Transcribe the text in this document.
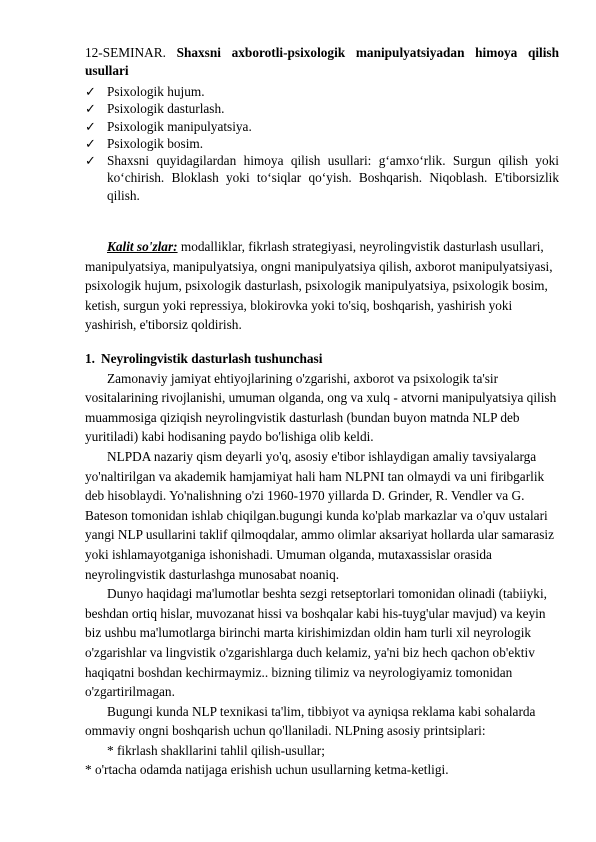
12-SEMINAR. Shaxsni axborotli-psixologik manipulyatsiyadan himoya qilish usullari
✓ Psixologik hujum.
✓ Psixologik dasturlash.
✓ Psixologik manipulyatsiya.
✓ Psixologik bosim.
✓ Shaxsni quyidagilardan himoya qilish usullari: g‘amxo‘rlik. Surgun qilish yoki ko‘chirish. Bloklash yoki to‘siqlar qo‘yish. Boshqarish. Niqoblash. E'tiborsizlik qilish.
Kalit so'zlar: modalliklar, fikrlash strategiyasi, neyrolingvistik dasturlash usullari, manipulyatsiya, manipulyatsiya, ongni manipulyatsiya qilish, axborot manipulyatsiyasi, psixologik hujum, psixologik dasturlash, psixologik manipulyatsiya, psixologik bosim, ketish, surgun yoki repressiya, blokirovka yoki to'siq, boshqarish, yashirish yoki yashirish, e'tiborsiz qoldirish.
1. Neyrolingvistik dasturlash tushunchasi

Zamonaviy jamiyat ehtiyojlarining o'zgarishi, axborot va psixologik ta'sir vositalarining rivojlanishi, umuman olganda, ong va xulq - atvorni manipulyatsiya qilish muammosiga qiziqish neyrolingvistik dasturlash (bundan buyon matnda NLP deb yuritiladi) kabi hodisaning paydo bo'lishiga olib keldi.

NLPDA nazariy qism deyarli yo'q, asosiy e'tibor ishlaydigan amaliy tavsiyalarga yo'naltirilgan va akademik hamjamiyat hali ham NLPNI tan olmaydi va uni firibgarlik deb hisoblaydi. Yo'nalishning o'zi 1960-1970 yillarda D. Grinder, R. Vendler va G. Bateson tomonidan ishlab chiqilgan.bugungi kunda ko'plab markazlar va o'quv ustalari yangi NLP usullarini taklif qilmoqdalar, ammo olimlar aksariyat hollarda ular samarasiz yoki ishlamayotganiga ishonishadi. Umuman olganda, mutaxassislar orasida neyrolingvistik dasturlashga munosabat noaniq.

Dunyo haqidagi ma'lumotlar beshta sezgi retseptorlari tomonidan olinadi (tabiiyki, beshdan ortiq hislar, muvozanat hissi va boshqalar kabi his-tuyg'ular mavjud) va keyin biz ushbu ma'lumotlarga birinchi marta kirishimizdan oldin ham turli xil neyrologik o'zgarishlar va lingvistik o'zgarishlarga duch kelamiz, ya'ni biz hech qachon ob'ektiv haqiqatni boshdan kechirmaymiz.. bizning tilimiz va neyrologiyamiz tomonidan o'zgartirilmagan.

Bugungi kunda NLP texnikasi ta'lim, tibbiyot va ayniqsa reklama kabi sohalarda ommaviy ongni boshqarish uchun qo'llaniladi. NLPning asosiy printsiplari:

* fikrlash shakllarini tahlil qilish-usullar;

* o'rtacha odamda natijaga erishish uchun usullarning ketma-ketligi.
